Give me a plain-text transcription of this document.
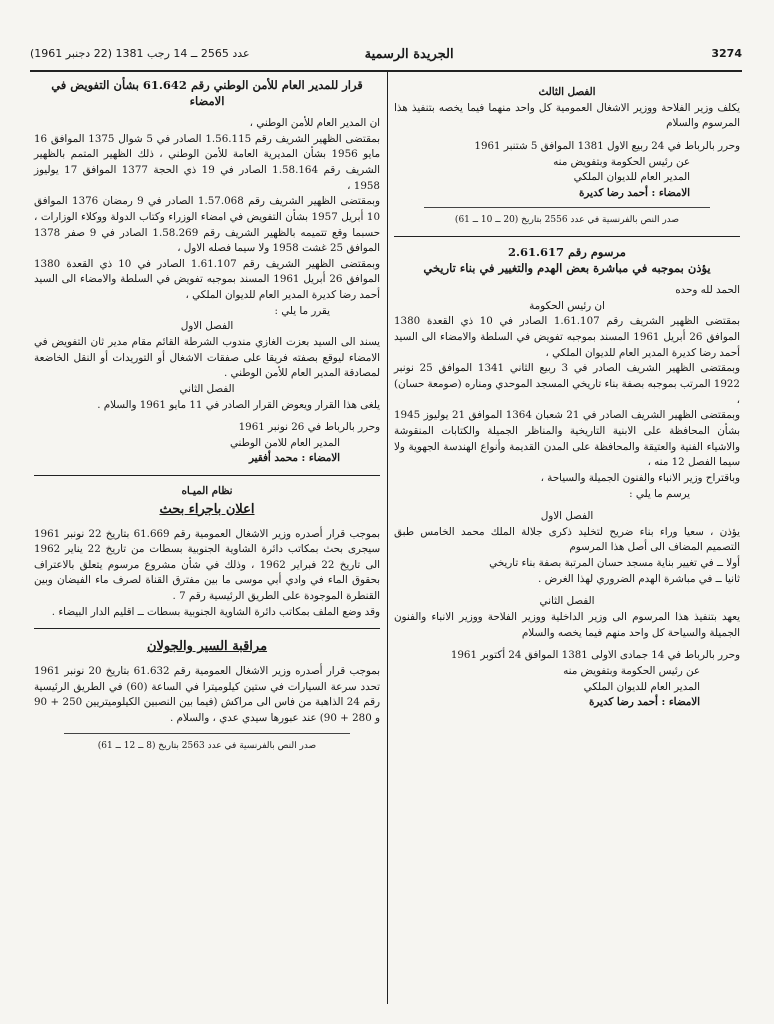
3274
الجريدة الرسمية
عدد 2565 ــ 14 رجب 1381 (22 دجنبر 1961)

الفصل الثالث

يكلف وزير الفلاحة ووزير الاشغال العمومية كل واحد منهما فيما يخصه بتنفيذ هذا المرسوم والسلام

وحرر بالرباط في 24 ربيع الاول 1381 الموافق 5 شتنبر 1961

عن رئيس الحكومة وبتفويض منه

المدير العام للديوان الملكي

الامضاء : أحمد رضا كديرة

صدر النص بالفرنسية في عدد 2556 بتاريخ (20 ــ 10 ــ 61)

مرسوم رقم 2.61.617

يؤذن بموجبه في مباشرة بعض الهدم والتغيير في بناء تاريخي

الحمد لله وحده

ان رئيس الحكومة

بمقتضى الظهير الشريف رقم 1.61.107 الصادر في 10 ذي القعدة 1380 الموافق 26 أبريل 1961 المسند بموجبه تفويض في السلطة والامضاء الى السيد أحمد رضا كديرة المدير العام للديوان الملكي ،

وبمقتضى الظهير الشريف الصادر في 3 ربيع الثاني 1341 الموافق 25 نونبر 1922 المرتب بموجبه بصفة بناء تاريخي المسجد الموحدي ومناره (صومعة حسان) ،

وبمقتضى الظهير الشريف الصادر في 21 شعبان 1364 الموافق 21 يوليوز 1945 بشأن المحافظة على الابنية التاريخية والمناظر الجميلة والكتابات المنقوشة والاشياء الفنية والعتيقة والمحافظة على المدن القديمة وأنواع الهندسة الجهوية ولا سيما الفصل 12 منه ،

وباقتراح وزير الانباء والفنون الجميلة والسياحة ،

يرسم ما يلي :

الفصل الاول

يؤذن ، سعيا وراء بناء ضريح لتخليد ذكرى جلالة الملك محمد الخامس طبق التصميم المضاف الى أصل هذا المرسوم

أولا ــ في تغيير بناية مسجد حسان المرتبة بصفة بناء تاريخي

ثانيا ــ في مباشرة الهدم الضروري لهذا الغرض .

الفصل الثاني

يعهد بتنفيذ هذا المرسوم الى وزير الداخلية ووزير الفلاحة ووزير الانباء والفنون الجميلة والسياحة كل واحد منهم فيما يخصه والسلام

وحرر بالرباط في 14 جمادى الاولى 1381 الموافق 24 أكتوبر 1961

عن رئيس الحكومة وبتفويض منه

المدير العام للديوان الملكي

الامضاء : أحمد رضا كديرة

قرار للمدير العام للأمن الوطني رقم 61.642 بشأن التفويض في الامضاء

ان المدير العام للأمن الوطني ،

بمقتضى الظهير الشريف رقم 1.56.115 الصادر في 5 شوال 1375 الموافق 16 مايو 1956 بشأن المديرية العامة للأمن الوطني ، ذلك الظهير المتمم بالظهير الشريف رقم 1.58.164 الصادر في 19 ذي الحجة 1377 الموافق 17 يوليوز 1958 ،

وبمقتضى الظهير الشريف رقم 1.57.068 الصادر في 9 رمضان 1376 الموافق 10 أبريل 1957 بشأن التفويض في امضاء الوزراء وكتاب الدولة ووكلاء الوزارات ، حسبما وقع تتميمه بالظهير الشريف رقم 1.58.269 الصادر في 9 صفر 1378 الموافق 25 غشت 1958 ولا سيما فصله الاول ،

وبمقتضى الظهير الشريف رقم 1.61.107 الصادر في 10 ذي القعدة 1380 الموافق 26 أبريل 1961 المسند بموجبه تفويض في السلطة والامضاء الى السيد أحمد رضا كديرة المدير العام للديوان الملكي ،

يقرر ما يلي :

الفصل الاول

يسند الى السيد بعزت الغازي مندوب الشرطة القائم مقام مدير ثان التفويض في الامضاء ليوقع بصفته فريقا على صفقات الاشغال أو التوريدات أو النقل الخاضعة لمصادقة المدير العام للأمن الوطني .

الفصل الثاني

يلغى هذا القرار ويعوض القرار الصادر في 11 مايو 1961 والسلام .

وحرر بالرباط في 26 نونبر 1961

المدير العام للامن الوطني

الامضاء : محمد أفقير

نظام الميـاه

اعلان باجراء بحث

بموجب قرار أصدره وزير الاشغال العمومية رقم 61.669 بتاريخ 22 نونبر 1961 سيجرى بحث بمكاتب دائرة الشاوية الجنوبية بسطات من تاريخ 22 يناير 1962 الى تاريخ 22 فبراير 1962 ، وذلك في شأن مشروع مرسوم يتعلق بالاعتراف بحقوق الماء في وادي أبي موسى ما بين مفترق القناة لصرف ماء الفيضان وبين القنطرة الموجودة على الطريق الرئيسية رقم 7 .

وقد وضع الملف بمكاتب دائرة الشاوية الجنوبية بسطات ــ اقليم الدار البيضاء .

مراقبة السير والجولان

بموجب قرار أصدره وزير الاشغال العمومية رقم 61.632 بتاريخ 20 نونبر 1961 تحدد سرعة السيارات في ستين كيلوميترا في الساعة (60) في الطريق الرئيسية رقم 24 الذاهبة من فاس الى مراكش (فيما بين النصبين الكيلوميتريين 250 + 90 و 280 + 90) عند عبورها سيدي عدي ، والسلام .

صدر النص بالفرنسية في عدد 2563 بتاريخ (8 ــ 12 ــ 61)
